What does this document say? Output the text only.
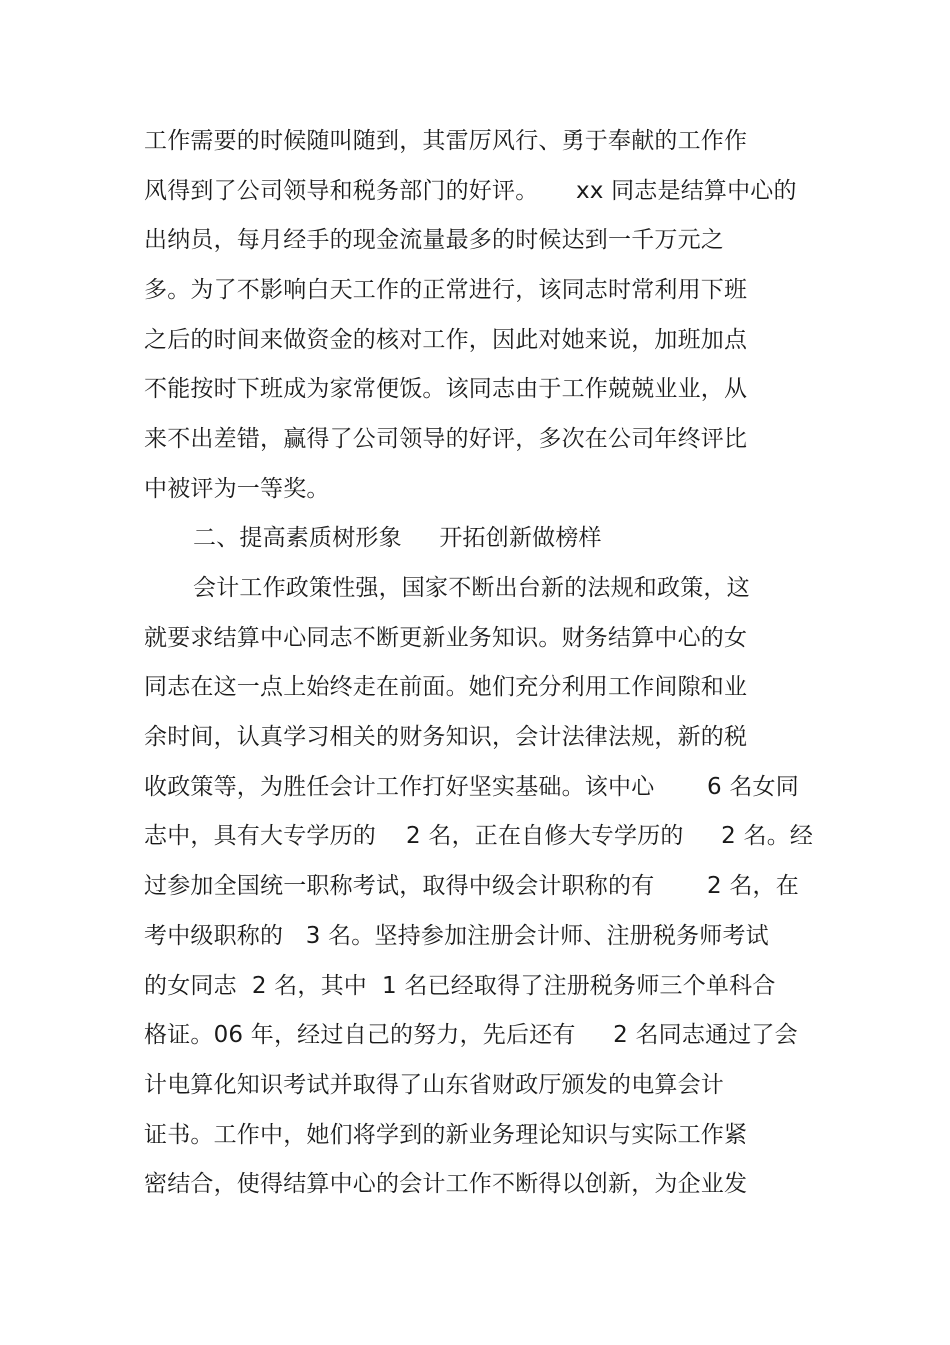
工作需要的时候随叫随到，其雷厉风行、勇于奉献的工作作
风得到了公司领导和税务部门的好评。     xx 同志是结算中心的
出纳员，每月经手的现金流量最多的时候达到一千万元之
多。为了不影响白天工作的正常进行，该同志时常利用下班
之后的时间来做资金的核对工作，因此对她来说，加班加点
不能按时下班成为家常便饭。该同志由于工作兢兢业业，从
来不出差错，赢得了公司领导的好评，多次在公司年终评比
中被评为一等奖。
二、提高素质树形象     开拓创新做榜样
会计工作政策性强，国家不断出台新的法规和政策，这
就要求结算中心同志不断更新业务知识。财务结算中心的女
同志在这一点上始终走在前面。她们充分利用工作间隙和业
余时间，认真学习相关的财务知识，会计法律法规，新的税
收政策等，为胜任会计工作打好坚实基础。该中心       6 名女同
志中，具有大专学历的    2 名，正在自修大专学历的     2 名。经
过参加全国统一职称考试，取得中级会计职称的有       2 名，在
考中级职称的   3 名。坚持参加注册会计师、注册税务师考试
的女同志  2 名，其中  1 名已经取得了注册税务师三个单科合
格证。06 年，经过自己的努力，先后还有     2 名同志通过了会
计电算化知识考试并取得了山东省财政厅颁发的电算会计
证书。工作中，她们将学到的新业务理论知识与实际工作紧
密结合，使得结算中心的会计工作不断得以创新，为企业发
